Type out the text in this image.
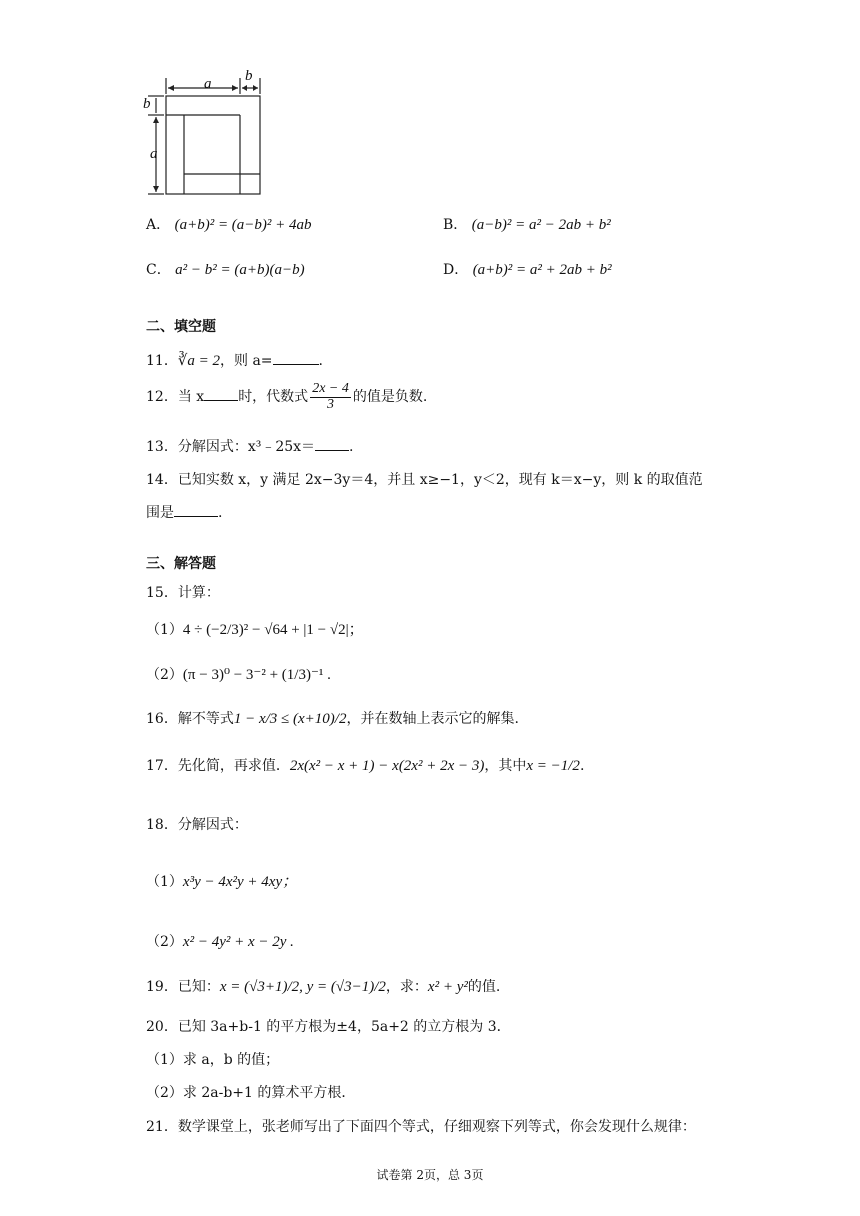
a b
b
a
A． (a+b)² = (a−b)² + 4ab	B． (a−b)² = a² − 2ab + b²
C． a² − b² = (a+b)(a−b)	D． (a+b)² = a² + 2ab + b²
二、填空题
11．∛a = 2，则 a=	.
12．当 x 时，代数式 $\frac{2x - 4}{3}$ 的值是负数.
13．分解因式：x³﹣25x＝ .
14．已知实数 x，y 满足 2x−3y＝4，并且 x≥−1，y＜2，现有 k＝x−y，则 k 的取值范
围是	.
三、解答题
15．计算：
（1）4 ÷ (−2/3)² − √64 + |1 − √2|；
（2）(π − 3)⁰ − 3⁻² + (1/3)⁻¹ .
16．解不等式1 − x/3 ≤ (x+10)/2，并在数轴上表示它的解集.
17．先化简，再求值．2x(x² − x + 1) − x(2x² + 2x − 3)，其中x = −1/2.
18．分解因式：
（1）x³y − 4x²y + 4xy；
（2）x² − 4y² + x − 2y .
19．已知：x = (√3+1)/2, y = (√3−1)/2，求：x² + y²的值.
20．已知 3a+b-1 的平方根为±4，5a+2 的立方根为 3．
（1）求 a，b 的值；
（2）求 2a-b+1 的算术平方根．
21．数学课堂上，张老师写出了下面四个等式，仔细观察下列等式，你会发现什么规律：
试卷第 2页，总 3页
